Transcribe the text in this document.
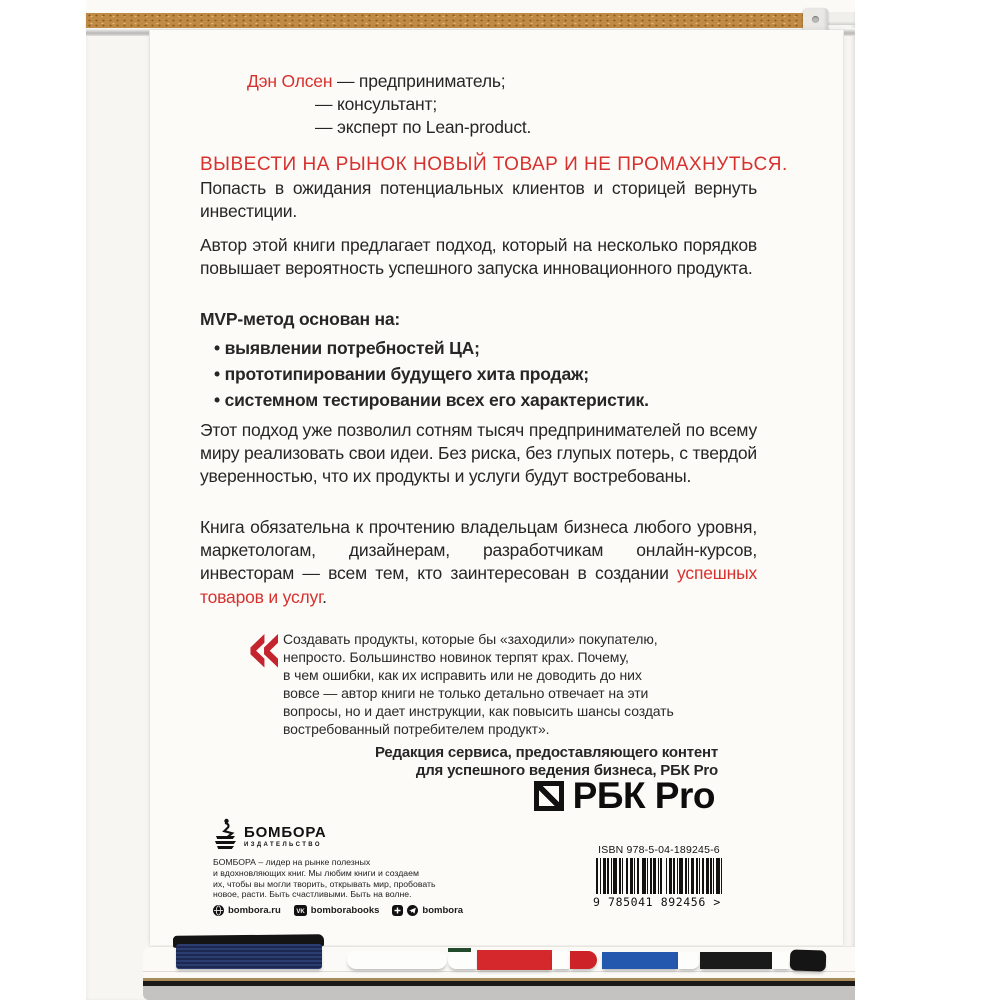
Дэн Олсен — предприниматель;
— консультант;
— эксперт по Lean-product.
ВЫВЕСТИ НА РЫНОК НОВЫЙ ТОВАР И НЕ ПРОМАХНУТЬСЯ.

Попасть в ожидания потенциальных клиентов и сторицей вернуть инвестиции.

Автор этой книги предлагает подход, который на несколько порядков повышает вероятность успешного запуска инновационного продукта.

MVP-метод основан на:
• выявлении потребностей ЦА;
• прототипировании будущего хита продаж;
• системном тестировании всех его характеристик.

Этот подход уже позволил сотням тысяч предпринимателей по всему миру реализовать свои идеи. Без риска, без глупых потерь, с твердой уверенностью, что их продукты и услуги будут востребованы.

Книга обязательна к прочтению владельцам бизнеса любого уровня, маркетологам, дизайнерам, разработчикам онлайн-курсов, инвесторам — всем тем, кто заинтересован в создании успешных товаров и услуг.

« Создавать продукты, которые бы «заходили» покупателю,
непросто. Большинство новинок терпят крах. Почему,
в чем ошибки, как их исправить или не доводить до них
вовсе — автор книги не только детально отвечает на эти
вопросы, но и дает инструкции, как повысить шансы создать
востребованный потребителем продукт».
Редакция сервиса, предоставляющего контент
для успешного ведения бизнеса, РБК Pro
РБК Pro
БОМБОРА
ИЗДАТЕЛЬСТВО
БОМБОРА – лидер на рынке полезных
и вдохновляющих книг. Мы любим книги и создаем
их, чтобы вы могли творить, открывать мир, пробовать
новое, расти. Быть счастливыми. Быть на волне.
bombora.ru	VK bomborabooks	bombora
ISBN 978-5-04-189245-6
9 785041 892456 >
